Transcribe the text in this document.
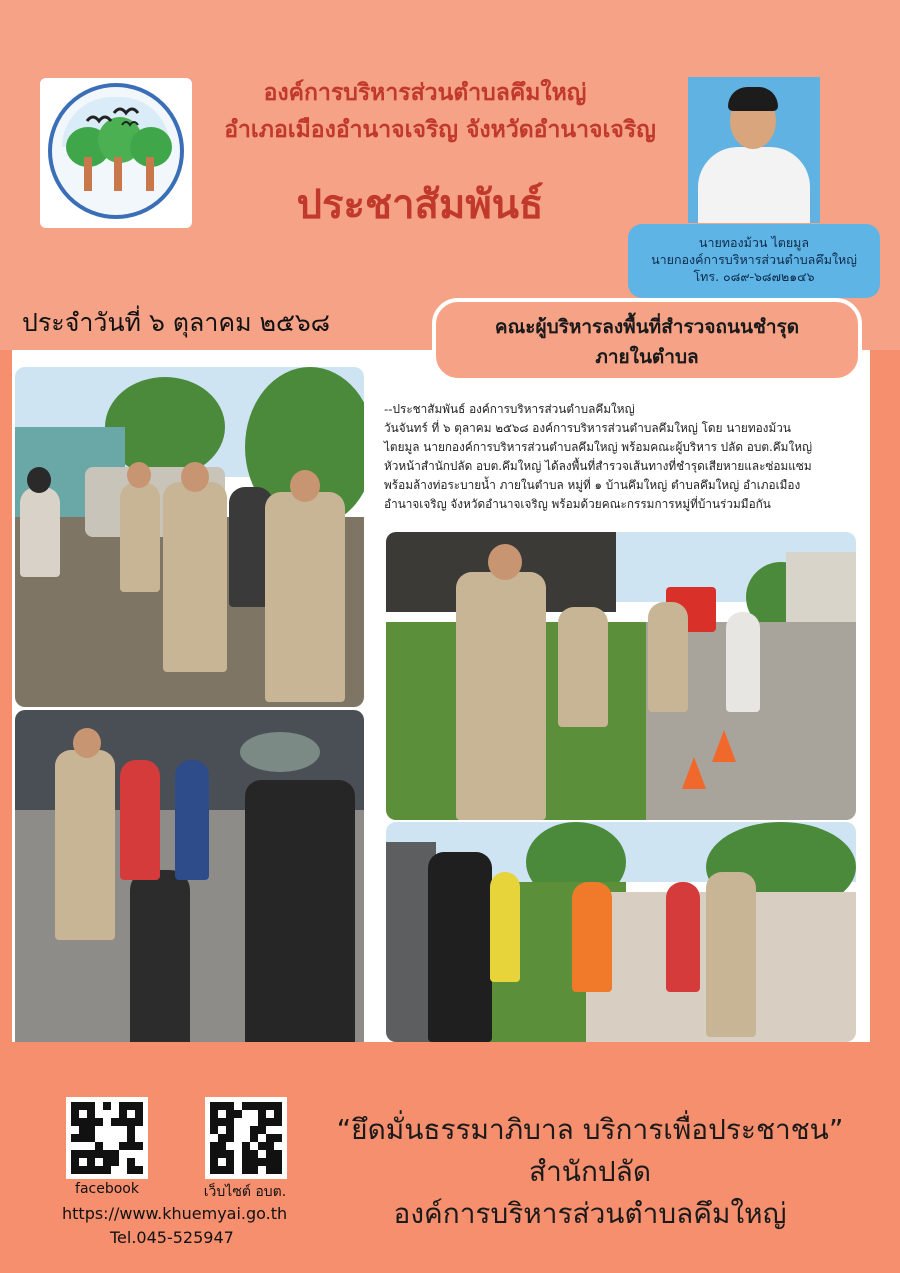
องค์การบริหารส่วนตำบลคึมใหญ่
อำเภอเมืองอำนาจเจริญ จังหวัดอำนาจเจริญ
ประชาสัมพันธ์
นายทองม้วน ไตยมูล
นายกองค์การบริหารส่วนตำบลคึมใหญ่
โทร. ๐๘๙-๖๘๗๒๑๔๖
ประจำวันที่ ๖ ตุลาคม ๒๕๖๘	คณะผู้บริหารลงพื้นที่สำรวจถนนชำรุด
ภายในตำบล

--ประชาสัมพันธ์ องค์การบริหารส่วนตำบลคึมใหญ่

วันจันทร์ ที่ ๖ ตุลาคม ๒๕๖๘ องค์การบริหารส่วนตำบลคึมใหญ่ โดย นายทองม้วน

ไตยมูล นายกองค์การบริหารส่วนตำบลคึมใหญ่ พร้อมคณะผู้บริหาร ปลัด อบต.คึมใหญ่

หัวหน้าสำนักปลัด อบต.คึมใหญ่ ได้ลงพื้นที่สำรวจเส้นทางที่ชำรุดเสียหายและซ่อมแซม

พร้อมล้างท่อระบายน้ำ ภายในตำบล หมู่ที่ ๑ บ้านคึมใหญ่ ตำบลคึมใหญ่ อำเภอเมือง

อำนาจเจริญ จังหวัดอำนาจเจริญ พร้อมด้วยคณะกรรมการหมู่ที่บ้านร่วมมือกัน

facebook	เว็บไซต์ อบต.
https://www.khuemyai.go.th
Tel.045-525947
“ยึดมั่นธรรมาภิบาล บริการเพื่อประชาชน”
สำนักปลัด
องค์การบริหารส่วนตำบลคึมใหญ่
